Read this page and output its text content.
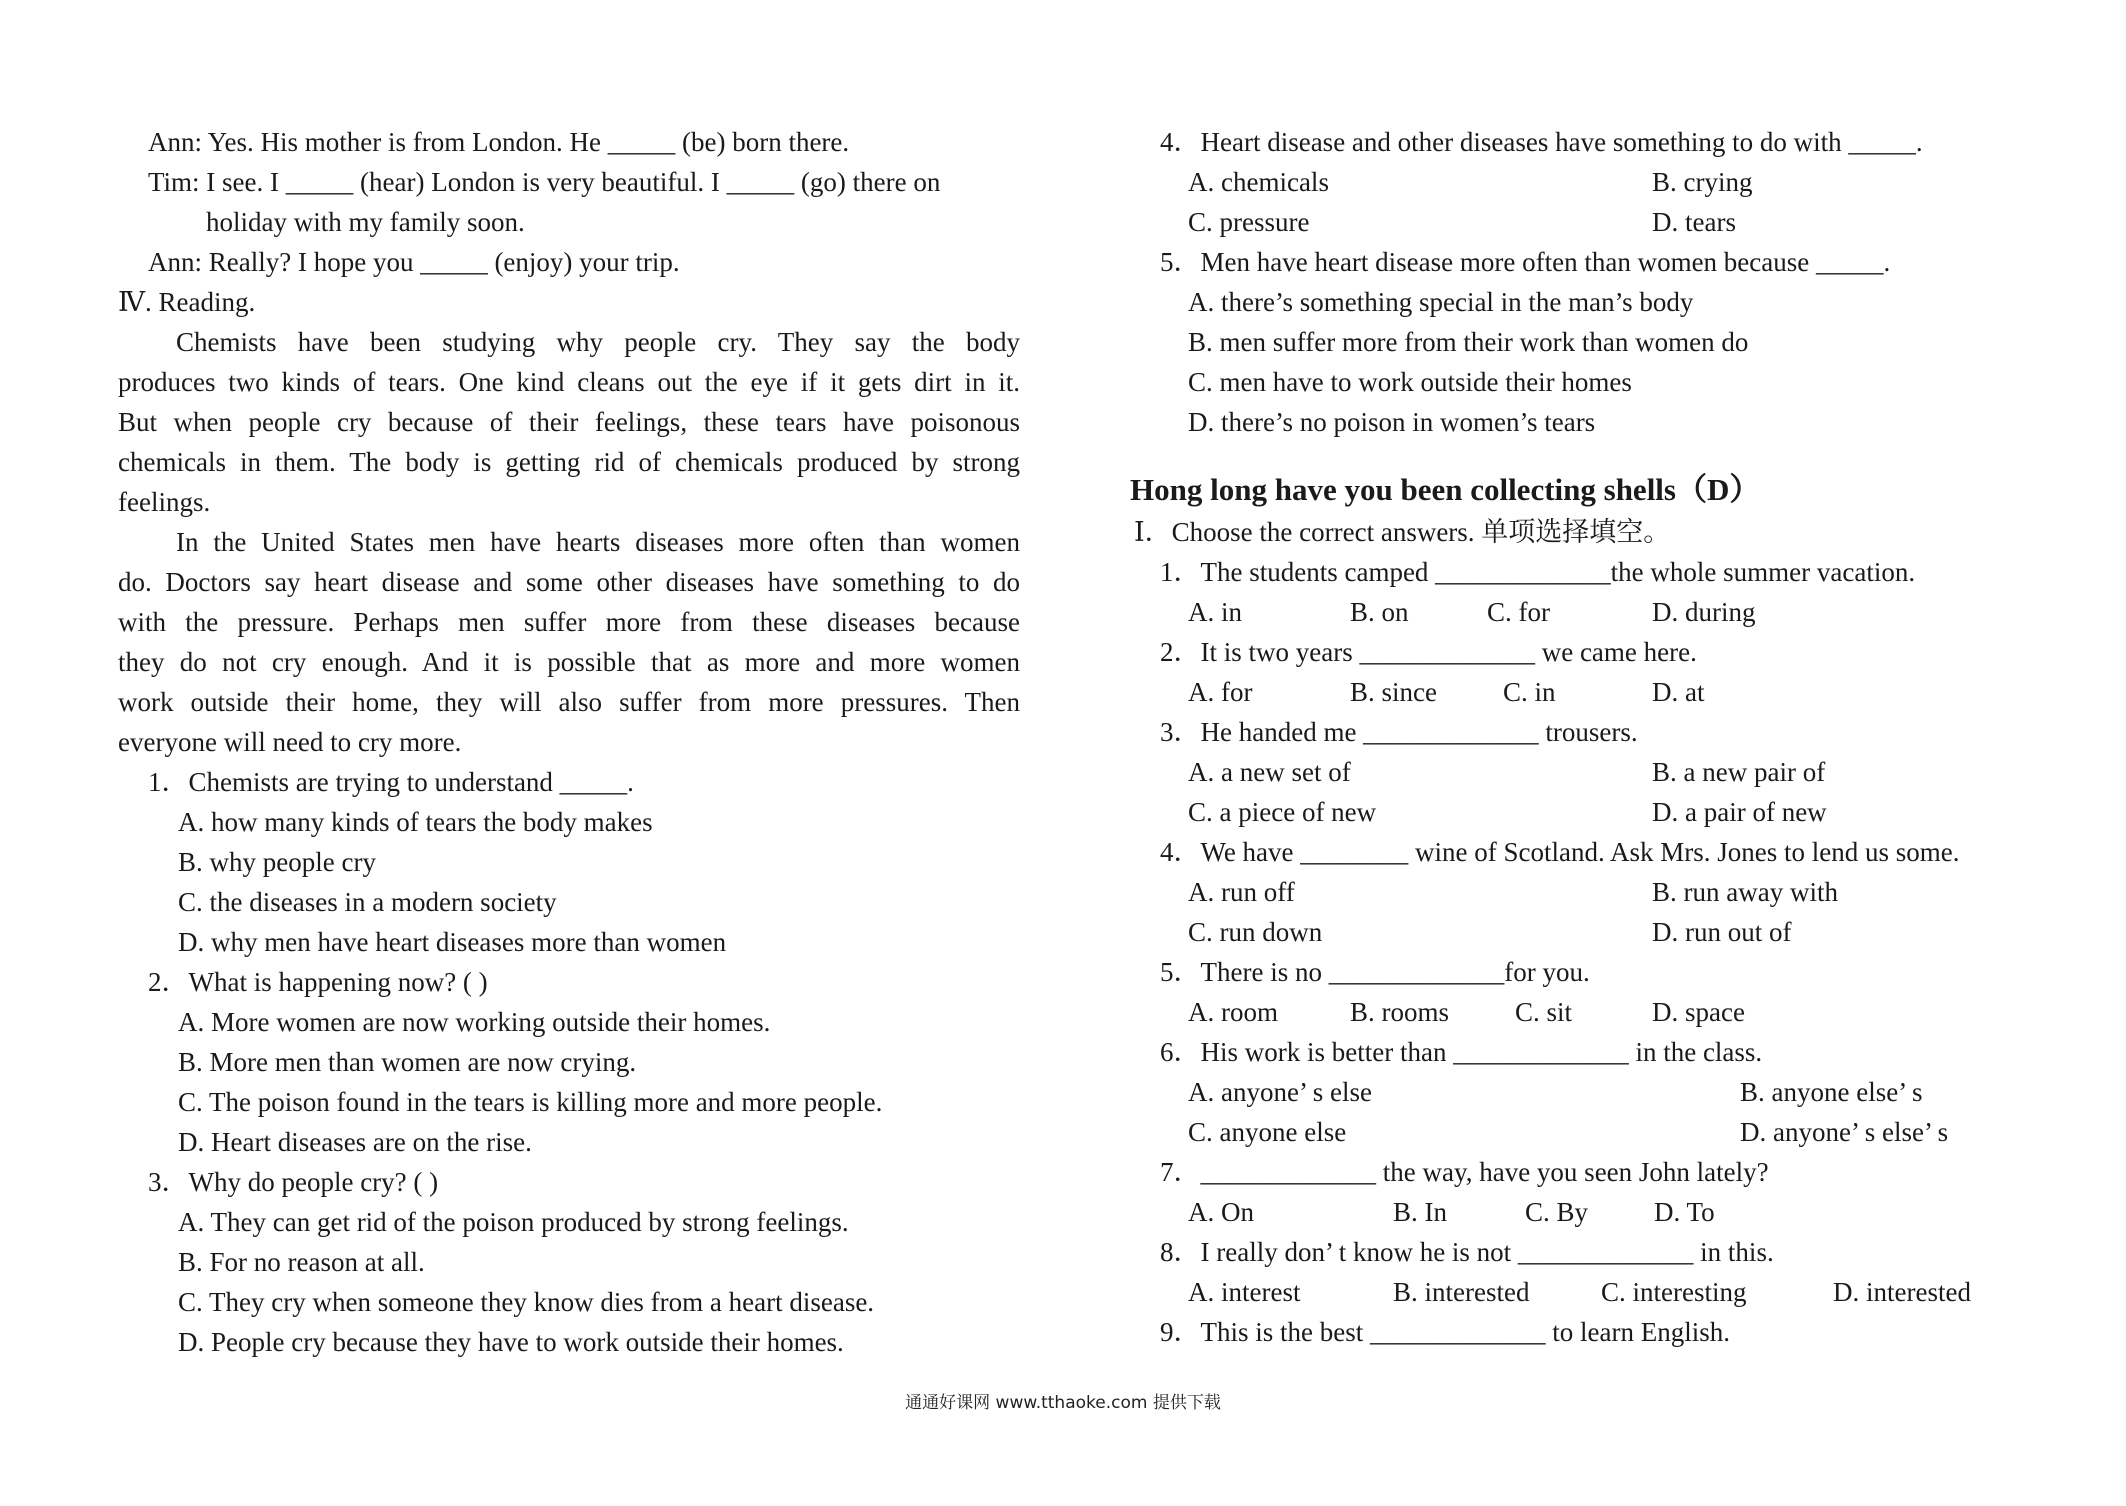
Ann: Yes. His mother is from London. He _____ (be) born there.
Tim: I see. I _____ (hear) London is very beautiful. I _____ (go) there on
holiday with my family soon.
Ann: Really? I hope you _____ (enjoy) your trip.
Ⅳ. Reading.
Chemists have been studying why people cry. They say the body
produces two kinds of tears. One kind cleans out the eye if it gets dirt in it.
But when people cry because of their feelings, these tears have poisonous
chemicals in them. The body is getting rid of chemicals produced by strong
feelings.
In the United States men have hearts diseases more often than women
do. Doctors say heart disease and some other diseases have something to do
with the pressure. Perhaps men suffer more from these diseases because
they do not cry enough. And it is possible that as more and more women
work outside their home, they will also suffer from more pressures. Then
everyone will need to cry more.
1．Chemists are trying to understand _____.
A. how many kinds of tears the body makes
B. why people cry
C. the diseases in a modern society
D. why men have heart diseases more than women
2．What is happening now? ( )
A. More women are now working outside their homes.
B. More men than women are now crying.
C. The poison found in the tears is killing more and more people.
D. Heart diseases are on the rise.
3．Why do people cry? ( )
A. They can get rid of the poison produced by strong feelings.
B. For no reason at all.
C. They cry when someone they know dies from a heart disease.
D. People cry because they have to work outside their homes.
4．Heart disease and other diseases have something to do with _____.
A. chemicals	B. crying
C. pressure	D. tears
5．Men have heart disease more often than women because _____.
A. there’s something special in the man’s body
B. men suffer more from their work than women do
C. men have to work outside their homes
D. there’s no poison in women’s tears
Hong long have you been collecting shells（D）
Ⅰ．Choose the correct answers. 单项选择填空。
1．The students camped _____________the whole summer vacation.
A. in	B. on	C. for	D. during
2．It is two years _____________ we came here.
A. for	B. since	C. in	D. at
3．He handed me _____________ trousers.
A. a new set of	B. a new pair of
C. a piece of new	D. a pair of new
4．We have ________ wine of Scotland. Ask Mrs. Jones to lend us some.
A. run off	B. run away with
C. run down	D. run out of
5．There is no _____________for you.
A. room	B. rooms	C. sit	D. space
6．His work is better than _____________ in the class.
A. anyone’ s else	B. anyone else’ s
C. anyone else	D. anyone’ s else’ s
7．_____________ the way, have you seen John lately?
A. On	B. In	C. By	D. To
8．I really don’ t know he is not _____________ in this.
A. interest	B. interested	C. interesting	D. interested
9．This is the best _____________ to learn English.
通通好课网 www.tthaoke.com 提供下载
